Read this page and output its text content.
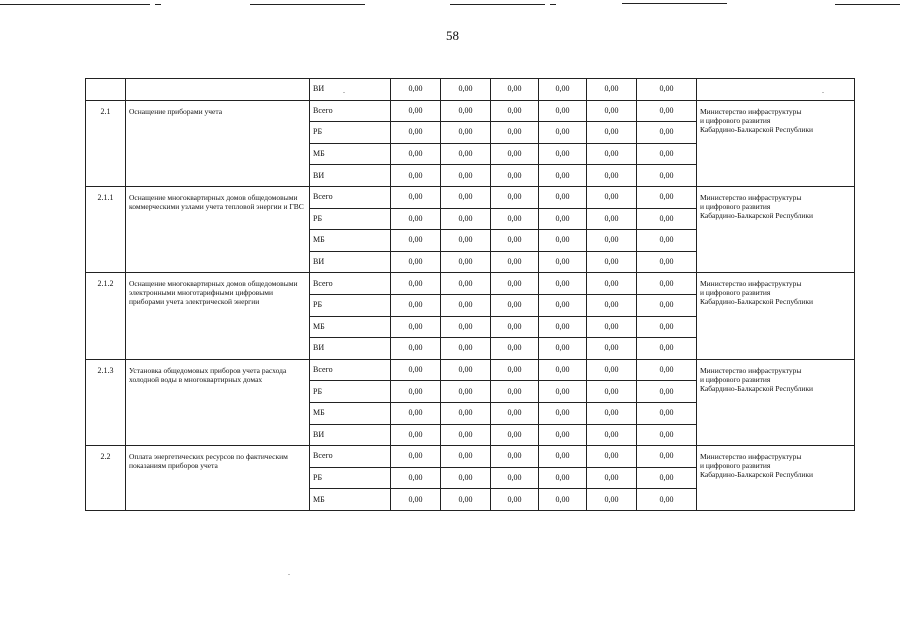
58
		ВИ	0,00	0,00	0,00	0,00	0,00	0,00	
2.1	Оснащение приборами учета	Всего	0,00	0,00	0,00	0,00	0,00	0,00	Министерство инфраструктуры
и цифрового развития
Кабардино-Балкарской Республики

		РБ	0,00	0,00	0,00	0,00	0,00	0,00	
		МБ	0,00	0,00	0,00	0,00	0,00	0,00	
		ВИ	0,00	0,00	0,00	0,00	0,00	0,00	
2.1.1	Оснащение многоквартирных домов общедомовыми коммерческими узлами учета тепловой энергии и ГВС	Всего	0,00	0,00	0,00	0,00	0,00	0,00	Министерство инфраструктуры
и цифрового развития
Кабардино-Балкарской Республики

		РБ	0,00	0,00	0,00	0,00	0,00	0,00	
		МБ	0,00	0,00	0,00	0,00	0,00	0,00	
		ВИ	0,00	0,00	0,00	0,00	0,00	0,00	
2.1.2	Оснащение многоквартирных домов общедомовыми электронными многотарифными цифровыми приборами учета электрической энергии	Всего	0,00	0,00	0,00	0,00	0,00	0,00	Министерство инфраструктуры
и цифрового развития
Кабардино-Балкарской Республики

		РБ	0,00	0,00	0,00	0,00	0,00	0,00	
		МБ	0,00	0,00	0,00	0,00	0,00	0,00	
		ВИ	0,00	0,00	0,00	0,00	0,00	0,00	
2.1.3	Установка общедомовых приборов учета расхода холодной воды в многоквартирных домах	Всего	0,00	0,00	0,00	0,00	0,00	0,00	Министерство инфраструктуры
и цифрового развития
Кабардино-Балкарской Республики

		РБ	0,00	0,00	0,00	0,00	0,00	0,00	
		МБ	0,00	0,00	0,00	0,00	0,00	0,00	
		ВИ	0,00	0,00	0,00	0,00	0,00	0,00	
2.2	Оплата энергетических ресурсов по фактическим показаниям приборов учета	Всего	0,00	0,00	0,00	0,00	0,00	0,00	Министерство инфраструктуры
и цифрового развития
Кабардино-Балкарской Республики

		РБ	0,00	0,00	0,00	0,00	0,00	0,00	
		МБ	0,00	0,00	0,00	0,00	0,00	0,00	
.	.
.
